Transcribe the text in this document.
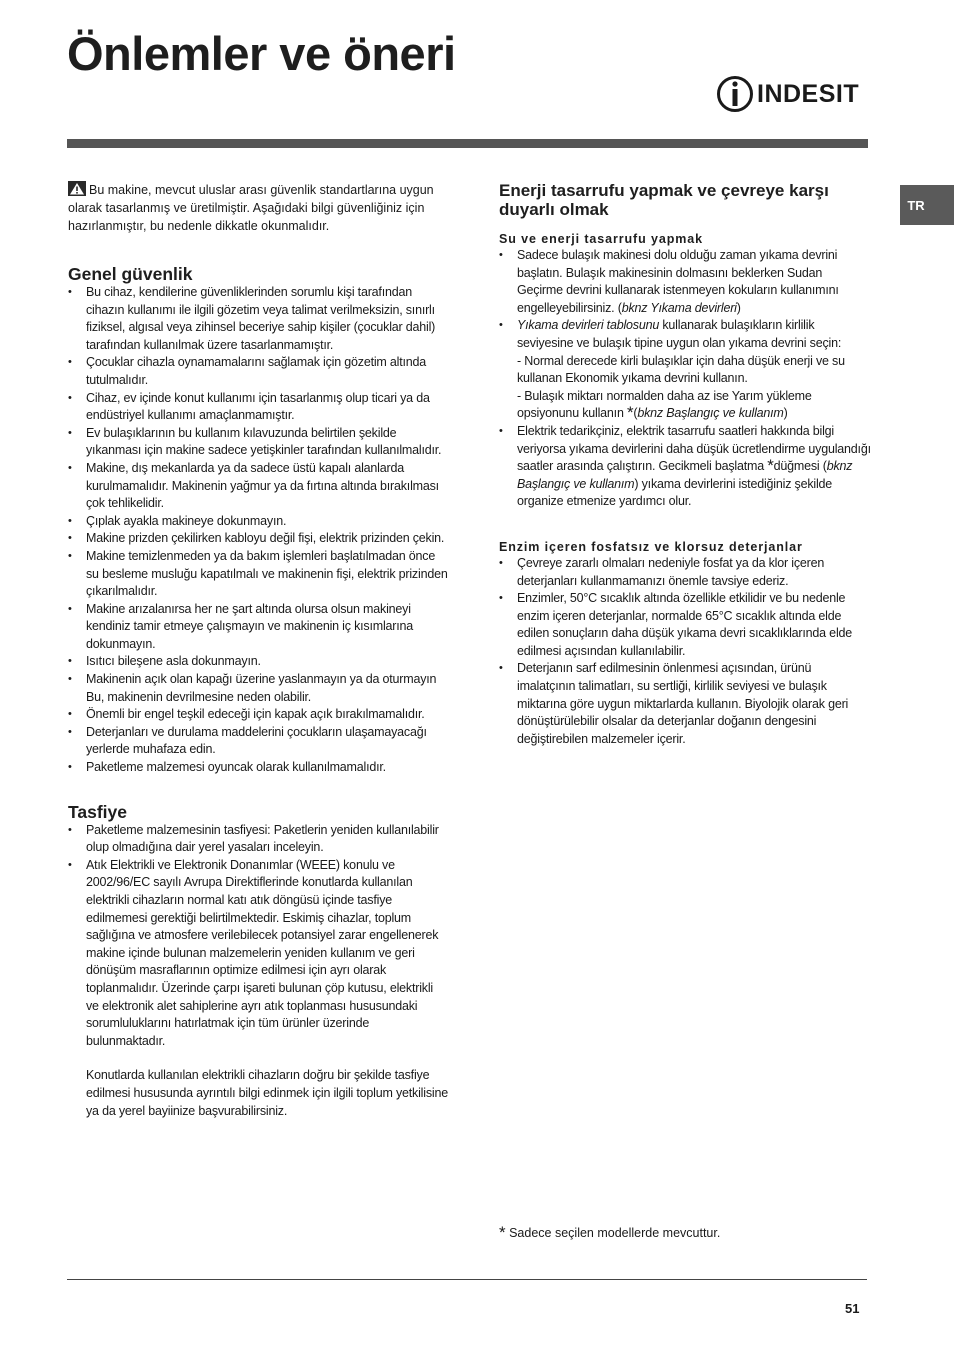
Önlemler ve öneri
INDESIT
TR

Bu makine, mevcut uluslar arası güvenlik standartlarına uygun olarak tasarlanmış ve üretilmiştir. Aşağıdaki bilgi güvenliğiniz için hazırlanmıştır, bu nedenle dikkatle okunmalıdır.

Genel güvenlik
• Bu cihaz, kendilerine güvenliklerinden sorumlu kişi tarafından cihazın kullanımı ile ilgili gözetim veya talimat verilmeksizin, sınırlı fiziksel, algısal veya zihinsel beceriye sahip kişiler (çocuklar dahil) tarafından kullanılmak üzere tasarlanmamıştır.
• Çocuklar cihazla oynamamalarını sağlamak için gözetim altında tutulmalıdır.
• Cihaz, ev içinde konut kullanımı için tasarlanmış olup ticari ya da endüstriyel kullanımı amaçlanmamıştır.
• Ev bulaşıklarının bu kullanım kılavuzunda belirtilen şekilde yıkanması için makine sadece yetişkinler tarafından kullanılmalıdır.
• Makine, dış mekanlarda ya da sadece üstü kapalı alanlarda kurulmamalıdır. Makinenin yağmur ya da fırtına altında bırakılması çok tehlikelidir.
• Çıplak ayakla makineye dokunmayın.
• Makine prizden çekilirken kabloyu değil fişi, elektrik prizinden çekin.
• Makine temizlenmeden ya da bakım işlemleri başlatılmadan önce su besleme musluğu kapatılmalı ve makinenin fişi, elektrik prizinden çıkarılmalıdır.
• Makine arızalanırsa her ne şart altında olursa olsun makineyi kendiniz tamir etmeye çalışmayın ve makinenin iç kısımlarına dokunmayın.
• Isıtıcı bileşene asla dokunmayın.
• Makinenin açık olan kapağı üzerine yaslanmayın ya da oturmayın Bu, makinenin devrilmesine neden olabilir.
• Önemli bir engel teşkil edeceği için kapak açık bırakılmamalıdır.
• Deterjanları ve durulama maddelerini çocukların ulaşamayacağı yerlerde muhafaza edin.
• Paketleme malzemesi oyuncak olarak kullanılmamalıdır.
Tasfiye
• Paketleme malzemesinin tasfiyesi: Paketlerin yeniden kullanılabilir olup olmadığına dair yerel yasaları inceleyin.
• Atık Elektrikli ve Elektronik Donanımlar (WEEE) konulu ve 2002/96/EC sayılı Avrupa Direktiflerinde konutlarda kullanılan elektrikli cihazların normal katı atık döngüsü içinde tasfiye edilmemesi gerektiği belirtilmektedir. Eskimiş cihazlar, toplum sağlığına ve atmosfere verilebilecek potansiyel zarar engellenerek makine içinde bulunan malzemelerin yeniden kullanım ve geri dönüşüm masraflarının optimize edilmesi için ayrı olarak toplanmalıdır. Üzerinde çarpı işareti bulunan çöp kutusu, elektrikli ve elektronik alet sahiplerine ayrı atık toplanması hususundaki sorumluluklarını hatırlatmak için tüm ürünler üzerinde bulunmaktadır.
Konutlarda kullanılan elektrikli cihazların doğru bir şekilde tasfiye edilmesi hususunda ayrıntılı bilgi edinmek için ilgili toplum yetkilisine ya da yerel bayiinize başvurabilirsiniz.
Enerji tasarrufu yapmak ve çevreye karşı duyarlı olmak
Su ve enerji tasarrufu yapmak
• Sadece bulaşık makinesi dolu olduğu zaman yıkama devrini başlatın. Bulaşık makinesinin dolmasını beklerken Sudan Geçirme devrini kullanarak istenmeyen kokuların kullanımını engelleyebilirsiniz. (bknz Yıkama devirleri)
• Yıkama devirleri tablosunu kullanarak bulaşıkların kirlilik seviyesine ve bulaşık tipine uygun olan yıkama devrini seçin:
- Normal derecede kirli bulaşıklar için daha düşük enerji ve su kullanan Ekonomik yıkama devrini kullanın.
- Bulaşık miktarı normalden daha az ise Yarım yükleme opsiyonunu kullanın *(bknz Başlangıç ve kullanım)
• Elektrik tedarikçiniz, elektrik tasarrufu saatleri hakkında bilgi veriyorsa yıkama devirlerini daha düşük ücretlendirme uygulandığı saatler arasında çalıştırın. Gecikmeli başlatma *düğmesi (bknz Başlangıç ve kullanım) yıkama devirlerini istediğiniz şekilde organize etmenize yardımcı olur.
Enzim içeren fosfatsız ve klorsuz deterjanlar
• Çevreye zararlı olmaları nedeniyle fosfat ya da klor içeren deterjanları kullanmamanızı önemle tavsiye ederiz.
• Enzimler, 50°C sıcaklık altında özellikle etkilidir ve bu nedenle enzim içeren deterjanlar, normalde 65°C sıcaklık altında elde edilen sonuçların daha düşük yıkama devri sıcaklıklarında elde edilmesi açısından kullanılabilir.
• Deterjanın sarf edilmesinin önlenmesi açısından, ürünü imalatçının talimatları, su sertliği, kirlilik seviyesi ve bulaşık miktarına göre uygun miktarlarda kullanın. Biyolojik olarak geri dönüştürülebilir olsalar da deterjanlar doğanın dengesini değiştirebilen malzemeler içerir.
* Sadece seçilen modellerde mevcuttur.
51
